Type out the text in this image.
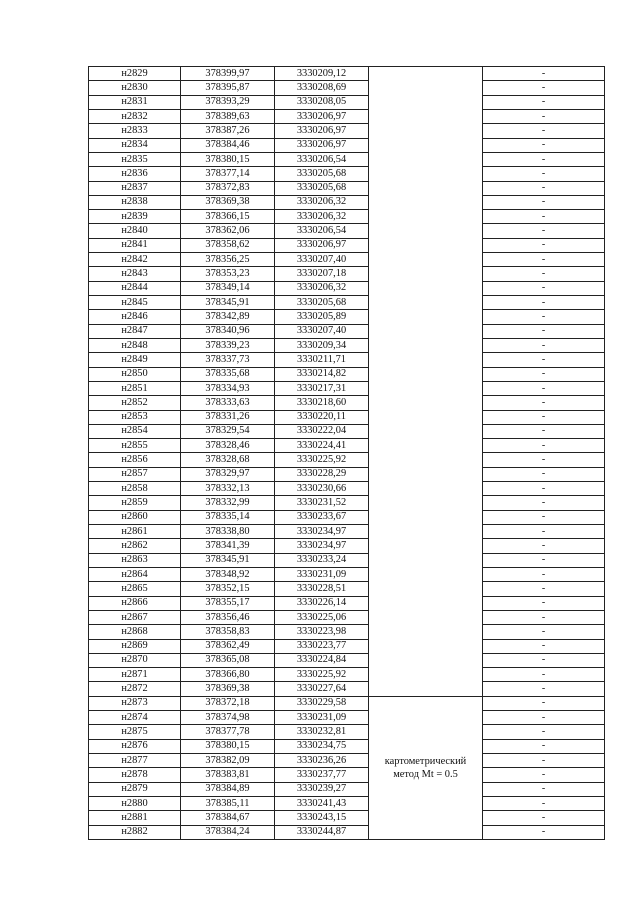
н2829	378399,97	3330209,12		-
н2830	378395,87	3330208,69		-
н2831	378393,29	3330208,05		-
н2832	378389,63	3330206,97		-
н2833	378387,26	3330206,97		-
н2834	378384,46	3330206,97		-
н2835	378380,15	3330206,54		-
н2836	378377,14	3330205,68		-
н2837	378372,83	3330205,68		-
н2838	378369,38	3330206,32		-
н2839	378366,15	3330206,32		-
н2840	378362,06	3330206,54		-
н2841	378358,62	3330206,97		-
н2842	378356,25	3330207,40		-
н2843	378353,23	3330207,18		-
н2844	378349,14	3330206,32		-
н2845	378345,91	3330205,68		-
н2846	378342,89	3330205,89		-
н2847	378340,96	3330207,40		-
н2848	378339,23	3330209,34		-
н2849	378337,73	3330211,71		-
н2850	378335,68	3330214,82		-
н2851	378334,93	3330217,31		-
н2852	378333,63	3330218,60		-
н2853	378331,26	3330220,11		-
н2854	378329,54	3330222,04		-
н2855	378328,46	3330224,41		-
н2856	378328,68	3330225,92		-
н2857	378329,97	3330228,29		-
н2858	378332,13	3330230,66		-
н2859	378332,99	3330231,52		-
н2860	378335,14	3330233,67		-
н2861	378338,80	3330234,97		-
н2862	378341,39	3330234,97		-
н2863	378345,91	3330233,24		-
н2864	378348,92	3330231,09		-
н2865	378352,15	3330228,51		-
н2866	378355,17	3330226,14		-
н2867	378356,46	3330225,06		-
н2868	378358,83	3330223,98		-
н2869	378362,49	3330223,77		-
н2870	378365,08	3330224,84		-
н2871	378366,80	3330225,92		-
н2872	378369,38	3330227,64		-
н2873	378372,18	3330229,58	картометрический
метод Mt = 0.5	-
н2874	378374,98	3330231,09		-
н2875	378377,78	3330232,81		-
н2876	378380,15	3330234,75		-
н2877	378382,09	3330236,26		-
н2878	378383,81	3330237,77		-
н2879	378384,89	3330239,27		-
н2880	378385,11	3330241,43		-
н2881	378384,67	3330243,15		-
н2882	378384,24	3330244,87		-
